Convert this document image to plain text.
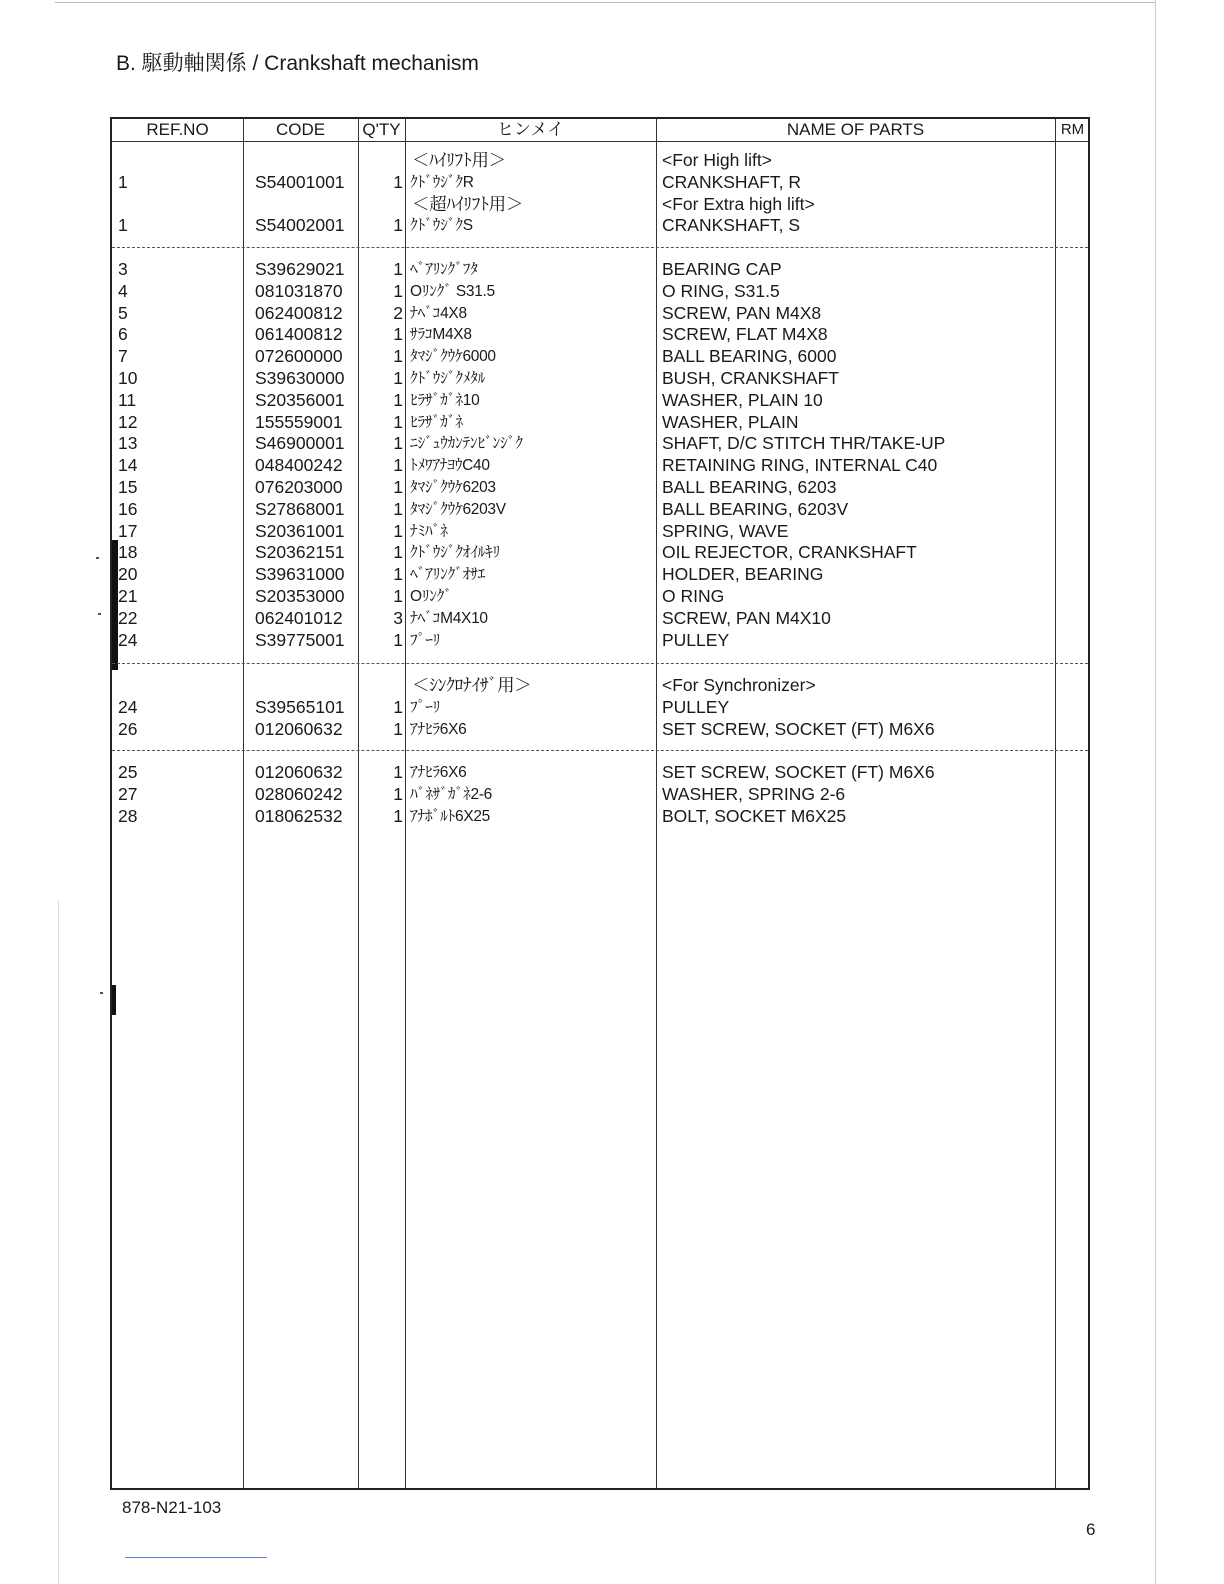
B. 駆動軸関係 / Crankshaft mechanism
REF.NO	CODE	Q'TY	ヒンメイ	NAME OF PARTS	RM
＜ﾊｲﾘﾌﾄ用＞	<For High lift>
1	S54001001	1 ｸﾄﾞｳｼﾞｸR	CRANKSHAFT, R
＜超ﾊｲﾘﾌﾄ用＞	<For Extra high lift>
1	S54002001	1 ｸﾄﾞｳｼﾞｸS	CRANKSHAFT, S
3	S39629021	1 ﾍﾞｱﾘﾝｸﾞﾌﾀ	BEARING CAP
4	081031870	1 Oﾘﾝｸﾞ S31.5	O RING, S31.5
5	062400812	2 ﾅﾍﾞｺ4X8	SCREW, PAN M4X8
6	061400812	1 ｻﾗｺM4X8	SCREW, FLAT M4X8
7	072600000	1 ﾀﾏｼﾞｸｳｹ6000	BALL BEARING, 6000
10	S39630000	1 ｸﾄﾞｳｼﾞｸﾒﾀﾙ	BUSH, CRANKSHAFT
11	S20356001	1 ﾋﾗｻﾞｶﾞﾈ10	WASHER, PLAIN 10
12	155559001	1 ﾋﾗｻﾞｶﾞﾈ	WASHER, PLAIN
13	S46900001	1 ﾆｼﾞｭｳｶﾝﾃﾝﾋﾞﾝｼﾞｸ	SHAFT, D/C STITCH THR/TAKE-UP
14	048400242	1 ﾄﾒﾜｱﾅﾖｳC40	RETAINING RING, INTERNAL C40
15	076203000	1 ﾀﾏｼﾞｸｳｹ6203	BALL BEARING, 6203
16	S27868001	1 ﾀﾏｼﾞｸｳｹ6203V	BALL BEARING, 6203V
17	S20361001	1 ﾅﾐﾊﾞﾈ	SPRING, WAVE
18	S20362151	1 ｸﾄﾞｳｼﾞｸｵｲﾙｷﾘ	OIL REJECTOR, CRANKSHAFT
20	S39631000	1 ﾍﾞｱﾘﾝｸﾞｵｻｴ	HOLDER, BEARING
21	S20353000	1 Oﾘﾝｸﾞ	O RING
22	062401012	3 ﾅﾍﾞｺM4X10	SCREW, PAN M4X10
24	S39775001	1 ﾌﾟｰﾘ	PULLEY
＜ｼﾝｸﾛﾅｲｻﾞ用＞	<For Synchronizer>
24	S39565101	1 ﾌﾟｰﾘ	PULLEY
26	012060632	1 ｱﾅﾋﾗ6X6	SET SCREW, SOCKET (FT) M6X6
25	012060632	1 ｱﾅﾋﾗ6X6	SET SCREW, SOCKET (FT) M6X6
27	028060242	1 ﾊﾞﾈｻﾞｶﾞﾈ2-6	WASHER, SPRING 2-6
28	018062532	1 ｱﾅﾎﾞﾙﾄ6X25	BOLT, SOCKET M6X25
878-N21-103
6
